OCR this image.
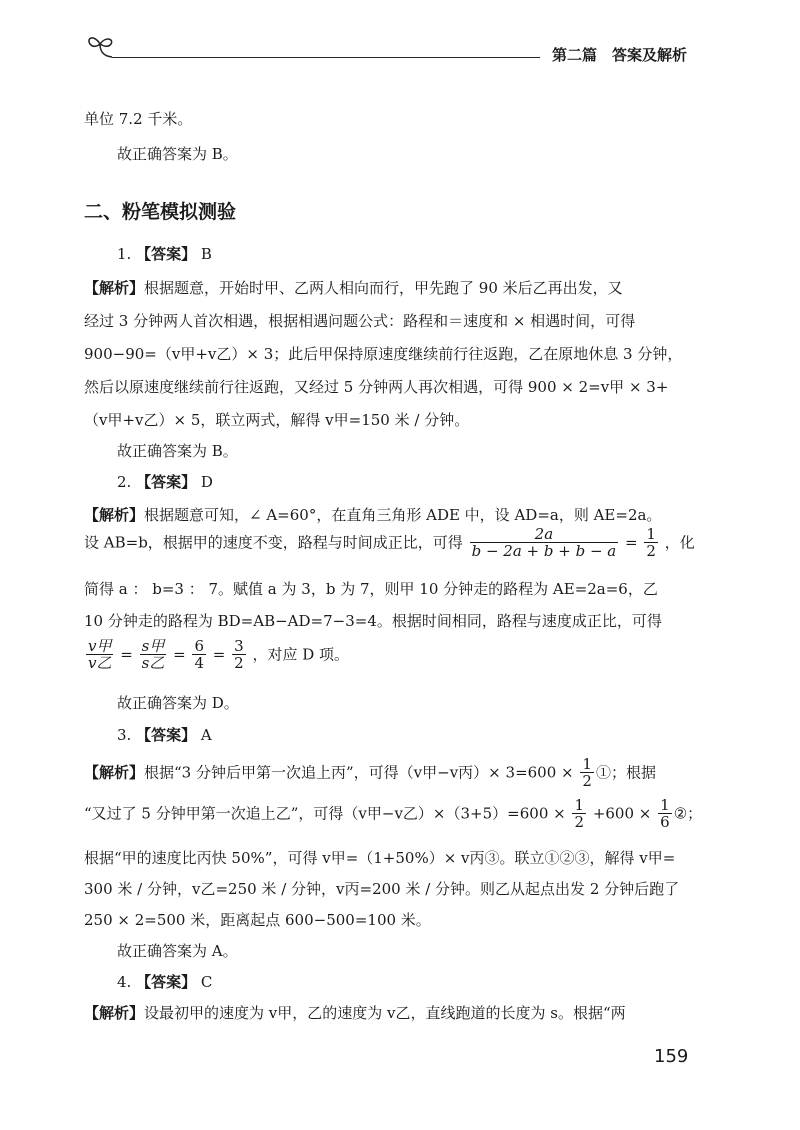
第二篇　答案及解析
单位 7.2 千米。
故正确答案为 B。
二、粉笔模拟测验
1. 【答案】 B
【解析】根据题意，开始时甲、乙两人相向而行，甲先跑了 90 米后乙再出发，又
经过 3 分钟两人首次相遇，根据相遇问题公式：路程和＝速度和 × 相遇时间，可得
900−90=（v甲+v乙）× 3；此后甲保持原速度继续前行往返跑，乙在原地休息 3 分钟，
然后以原速度继续前行往返跑，又经过 5 分钟两人再次相遇，可得 900 × 2=v甲 × 3+
（v甲+v乙）× 5，联立两式，解得 v甲=150 米 / 分钟。
故正确答案为 B。
2. 【答案】 D
【解析】根据题意可知，∠ A=60°，在直角三角形 ADE 中，设 AD=a，则 AE=2a。
设 AB=b，根据甲的速度不变，路程与时间成正比，可得 $\frac{2a}{b - 2a + b + b - a} = \frac{1}{2}$ ，化
简得 a ： b=3 ： 7。赋值 a 为 3，b 为 7，则甲 10 分钟走的路程为 AE=2a=6，乙
10 分钟走的路程为 BD=AB−AD=7−3=4。根据时间相同，路程与速度成正比，可得
v甲
v乙 = s甲
s乙 = $\frac{6}{4} = \frac{3}{2}$ ，对应 D 项。
故正确答案为 D。
3. 【答案】 A
【解析】根据“3 分钟后甲第一次追上丙”，可得（v甲−v丙）× $3=600 \times \frac{1}{2}$ ①；根据
“又过了 5 分钟甲第一次追上乙”，可得（v甲−v乙）$\times(3+5)=600 \times \frac{1}{2} +600 \times \frac{1}{6}$ ②；
根据“甲的速度比丙快 50%”，可得 v甲=（1+50%）× v丙③。联立①②③，解得 v甲=
300 米 / 分钟，v乙=250 米 / 分钟，v丙=200 米 / 分钟。则乙从起点出发 2 分钟后跑了
250 × 2=500 米，距离起点 600−500=100 米。
故正确答案为 A。
4. 【答案】 C
【解析】设最初甲的速度为 v甲，乙的速度为 v乙，直线跑道的长度为 s。根据“两
159
